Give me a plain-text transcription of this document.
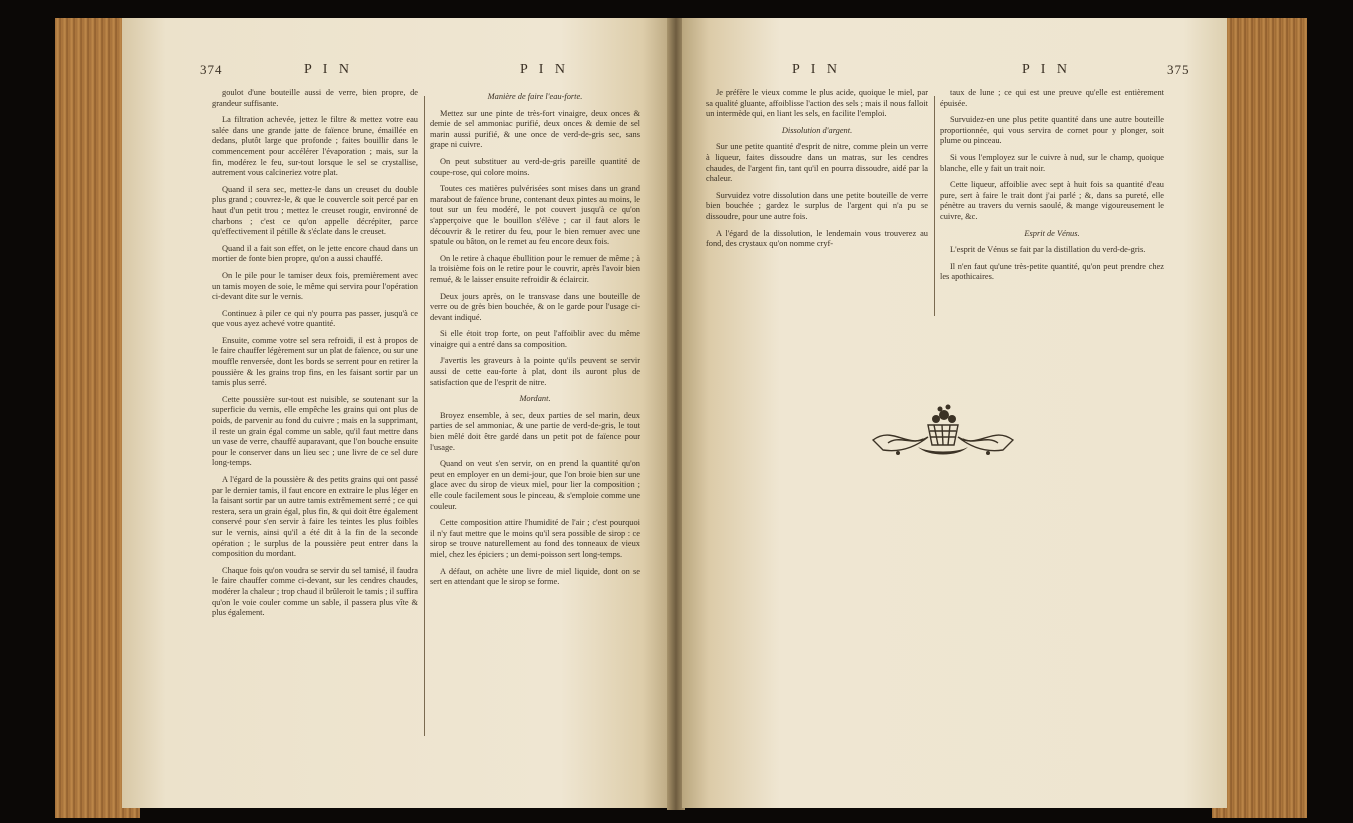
374	P I N	P I N

goulot d'une bouteille aussi de verre, bien propre, de grandeur suffisante.

La filtration achevée, jettez le filtre & mettez votre eau salée dans une grande jatte de faïence brune, émaillée en dedans, plutôt large que profonde ; faites bouillir dans le commencement pour accélérer l'évaporation ; mais, sur la fin, modérez le feu, sur-tout lorsque le sel se crystallise, autrement vous calcineriez votre plat.

Quand il sera sec, mettez-le dans un creuset du double plus grand ; couvrez-le, & que le couvercle soit percé par en haut d'un petit trou ; mettez le creuset rougir, environné de charbons ; c'est ce qu'on appelle décrépiter, parce qu'effectivement il pétille & s'éclate dans le creuset.

Quand il a fait son effet, on le jette encore chaud dans un mortier de fonte bien propre, qu'on a aussi chauffé.

On le pile pour le tamiser deux fois, premièrement avec un tamis moyen de soie, le même qui servira pour l'opération ci-devant dite sur le vernis.

Continuez à piler ce qui n'y pourra pas passer, jusqu'à ce que vous ayez achevé votre quantité.

Ensuite, comme votre sel sera refroidi, il est à propos de le faire chauffer légèrement sur un plat de faïence, ou sur une mouffle renversée, dont les bords se serrent pour en retirer la poussière & les grains trop fins, en les faisant sortir par un tamis plus serré.

Cette poussière sur-tout est nuisible, se soutenant sur la superficie du vernis, elle empêche les grains qui ont plus de poids, de parvenir au fond du cuivre ; mais en la supprimant, il reste un grain égal comme un sable, qu'il faut mettre dans un vase de verre, chauffé auparavant, que l'on bouche ensuite pour le conserver dans un lieu sec ; une livre de ce sel dure long-temps.

A l'égard de la poussière & des petits grains qui ont passé par le dernier tamis, il faut encore en extraire le plus léger en la faisant sortir par un autre tamis extrêmement serré ; ce qui restera, sera un grain égal, plus fin, & qui doit être également conservé pour s'en servir à faire les teintes les plus foibles sur le vernis, ainsi qu'il a été dit à la fin de la seconde opération ; le surplus de la poussière peut entrer dans la composition du mordant.

Chaque fois qu'on voudra se servir du sel tamisé, il faudra le faire chauffer comme ci-devant, sur les cendres chaudes, modérer la chaleur ; trop chaud il brûleroit le tamis ; il suffira qu'on le voie couler comme un sable, il passera plus vîte & plus également.

Manière de faire l'eau-forte.

Mettez sur une pinte de très-fort vinaigre, deux onces & demie de sel ammoniac purifié, deux onces & demie de sel marin aussi purifié, & une once de verd-de-gris sec, sans grape ni cuivre.

On peut substituer au verd-de-gris pareille quantité de coupe-rose, qui colore moins.

Toutes ces matières pulvérisées sont mises dans un grand marabout de faïence brune, contenant deux pintes au moins, le tout sur un feu modéré, le pot couvert jusqu'à ce qu'on s'apperçoive que le bouillon s'élève ; car il faut alors le découvrir & le retirer du feu, pour le bien remuer avec une spatule ou bâton, on le remet au feu encore deux fois.

On le retire à chaque ébullition pour le remuer de même ; à la troisième fois on le retire pour le couvrir, après l'avoir bien remué, & le laisser ensuite refroidir & éclaircir.

Deux jours après, on le transvase dans une bouteille de verre ou de grès bien bouchée, & on le garde pour l'usage ci-devant indiqué.

Si elle étoit trop forte, on peut l'affoiblir avec du même vinaigre qui a entré dans sa composition.

J'avertis les graveurs à la pointe qu'ils peuvent se servir aussi de cette eau-forte à plat, dont ils auront plus de satisfaction que de l'esprit de nitre.

Mordant.

Broyez ensemble, à sec, deux parties de sel marin, deux parties de sel ammoniac, & une partie de verd-de-gris, le tout bien mêlé doit être gardé dans un petit pot de faïence pour l'usage.

Quand on veut s'en servir, on en prend la quantité qu'on peut en employer en un demi-jour, que l'on broie bien sur une glace avec du sirop de vieux miel, pour lier la composition ; elle coule facilement sous le pinceau, & s'emploie comme une couleur.

Cette composition attire l'humidité de l'air ; c'est pourquoi il n'y faut mettre que le moins qu'il sera possible de sirop : ce sirop se trouve naturellement au fond des tonneaux de vieux miel, chez les épiciers ; un demi-poisson sert long-temps.

A défaut, on achète une livre de miel liquide, dont on se sert en attendant que le sirop se forme.

P I N	P I N	375

Je préfère le vieux comme le plus acide, quoique le miel, par sa qualité gluante, affoiblisse l'action des sels ; mais il nous falloit un intermède qui, en liant les sels, en facilite l'emploi.

Dissolution d'argent.

Sur une petite quantité d'esprit de nitre, comme plein un verre à liqueur, faites dissoudre dans un matras, sur les cendres chaudes, de l'argent fin, tant qu'il en pourra dissoudre, aidé par la chaleur.

Survuidez votre dissolution dans une petite bouteille de verre bien bouchée ; gardez le surplus de l'argent qui n'a pu se dissoudre, pour une autre fois.

A l'égard de la dissolution, le lendemain vous trouverez au fond, des crystaux qu'on nomme cryf-

taux de lune ; ce qui est une preuve qu'elle est entièrement épuisée.

Survuidez-en une plus petite quantité dans une autre bouteille proportionnée, qui vous servira de cornet pour y plonger, soit plume ou pinceau.

Si vous l'employez sur le cuivre à nud, sur le champ, quoique blanche, elle y fait un trait noir.

Cette liqueur, affoiblie avec sept à huit fois sa quantité d'eau pure, sert à faire le trait dont j'ai parlé ; &, dans sa pureté, elle pénètre au travers du vernis saoulé, & mange vigoureusement le cuivre, &c.

Esprit de Vénus.

L'esprit de Vénus se fait par la distillation du verd-de-gris.

Il n'en faut qu'une très-petite quantité, qu'on peut prendre chez les apothicaires.
